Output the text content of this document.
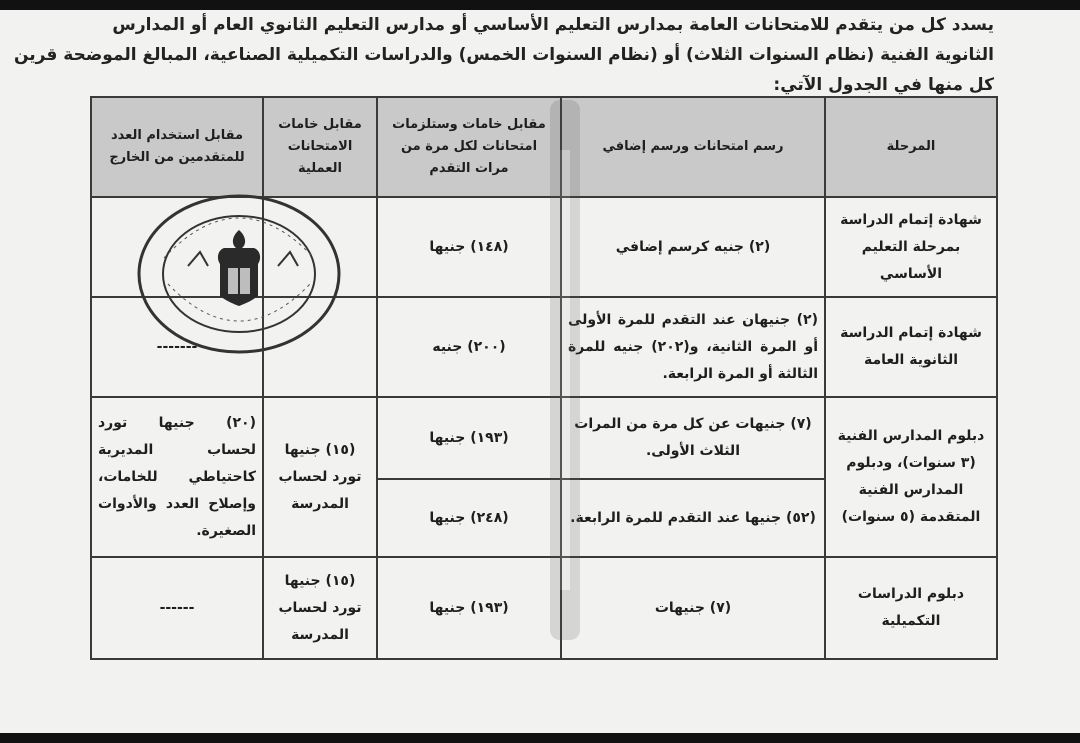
يسدد كل من يتقدم للامتحانات العامة بمدارس التعليم الأساسي أو مدارس التعليم الثانوي العام أو المدارس
الثانوية الفنية (نظام السنوات الثلاث) أو (نظام السنوات الخمس) والدراسات التكميلية الصناعية، المبالغ الموضحة قرين
كل منها في الجدول الآتي:
المرحلة	رسم امتحانات ورسم إضافي	مقابل خامات وستلزمات امتحانات لكل مرة من مرات التقدم	مقابل خامات الامتحانات العملية	مقابل استخدام العدد للمتقدمين من الخارج
شهادة إتمام الدراسة بمرحلة التعليم الأساسي	(٢) جنيه كرسم إضافي	(١٤٨) جنيها		
شهادة إتمام الدراسة الثانوية العامة	(٢) جنيهان عند التقدم للمرة الأولى أو المرة الثانية، و(٢٠٢) جنيه للمرة الثالثة أو المرة الرابعة.	(٢٠٠) جنيه		-------
دبلوم المدارس الفنية (٣ سنوات)، ودبلوم المدارس الفنية المتقدمة (٥ سنوات)	(٧) جنيهات عن كل مرة من المرات الثلاث الأولى.	(١٩٣) جنيها	(١٥) جنيها تورد لحساب المدرسة	(٢٠) جنيها تورد لحساب المديرية كاحتياطي للخامات، وإصلاح العدد والأدوات الصغيرة.
	(٥٢) جنيها عند التقدم للمرة الرابعة.	(٢٤٨) جنيها		
دبلوم الدراسات التكميلية	(٧) جنيهات	(١٩٣) جنيها	(١٥) جنيها تورد لحساب المدرسة	------
